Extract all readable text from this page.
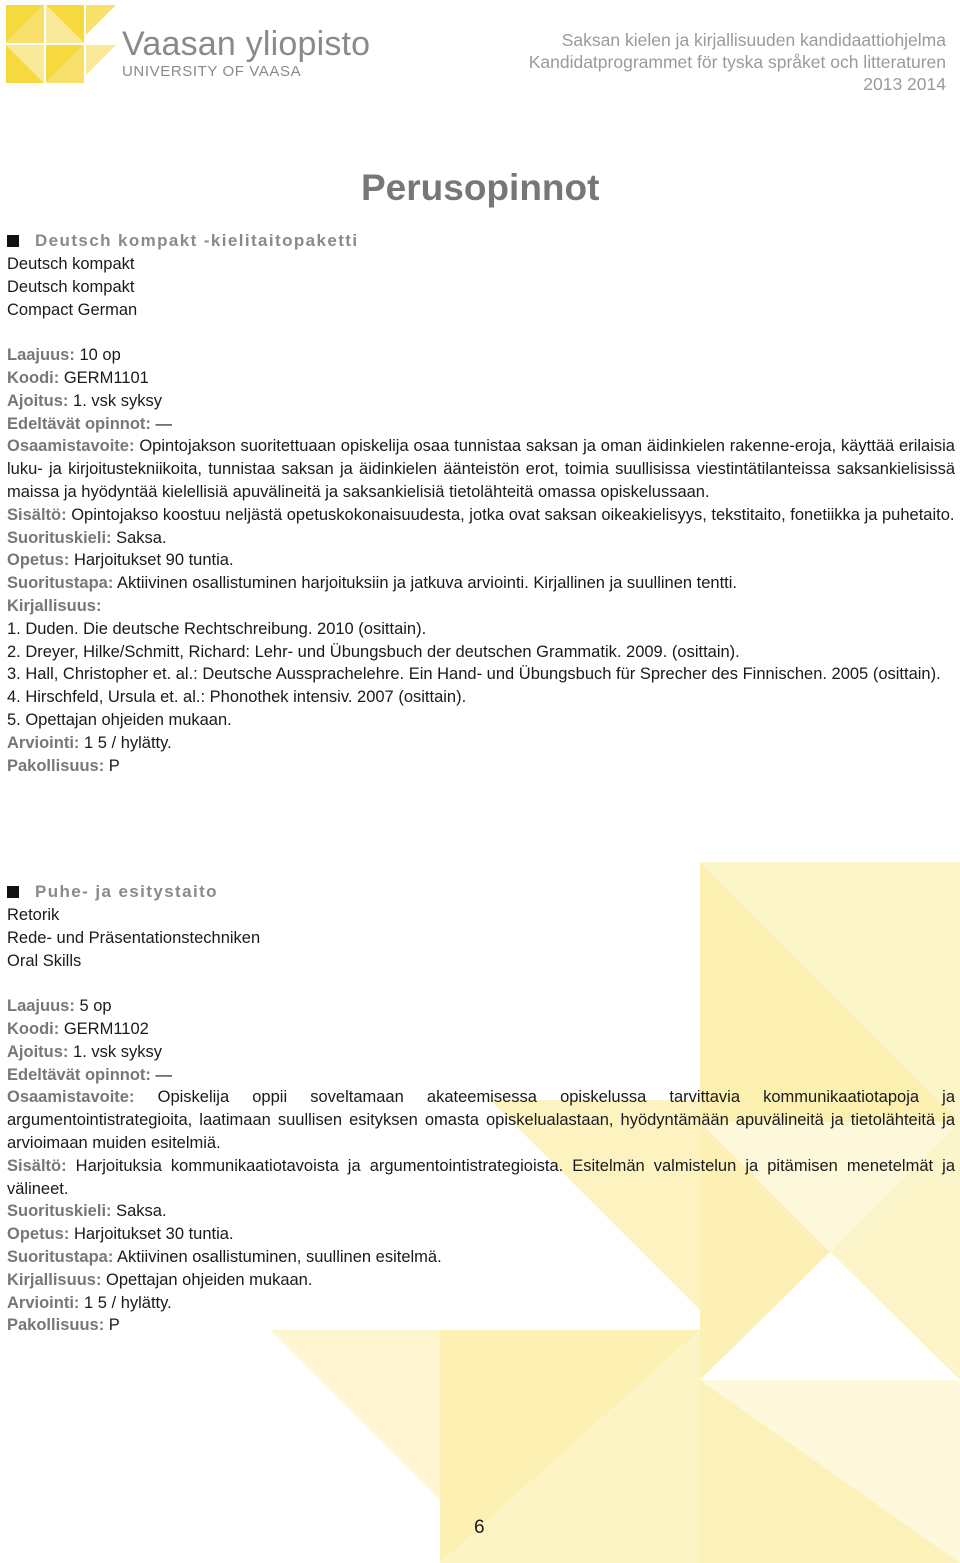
Vaasan yliopisto
UNIVERSITY OF VAASA
Saksan kielen ja kirjallisuuden kandidaattiohjelma
Kandidatprogrammet för tyska språket och litteraturen
2013 2014
Perusopinnot
Deutsch kompakt -kielitaitopaketti
Deutsch kompakt
Deutsch kompakt
Compact German
Laajuus: 10 op
Koodi: GERM1101
Ajoitus: 1. vsk syksy
Edeltävät opinnot: —
Osaamistavoite: Opintojakson suoritettuaan opiskelija osaa tunnistaa saksan ja oman äidinkielen rakenne-eroja, käyttää erilaisia luku- ja kirjoitustekniikoita, tunnistaa saksan ja äidinkielen äänteistön erot, toimia suullisissa viestintätilanteissa saksankielisissä maissa ja hyödyntää kielellisiä apuvälineitä ja saksankielisiä tietolähteitä omassa opiskelussaan.
Sisältö: Opintojakso koostuu neljästä opetuskokonaisuudesta, jotka ovat saksan oikeakielisyys, tekstitaito, fonetiikka ja puhetaito.
Suorituskieli: Saksa.
Opetus: Harjoitukset 90 tuntia.
Suoritustapa: Aktiivinen osallistuminen harjoituksiin ja jatkuva arviointi. Kirjallinen ja suullinen tentti.
Kirjallisuus:
1. Duden. Die deutsche Rechtschreibung. 2010 (osittain).
2. Dreyer, Hilke/Schmitt, Richard: Lehr- und Übungsbuch der deutschen Grammatik. 2009. (osittain).
3. Hall, Christopher et. al.: Deutsche Aussprachelehre. Ein Hand- und Übungsbuch für Sprecher des Finnischen. 2005 (osittain).
4. Hirschfeld, Ursula et. al.: Phonothek intensiv. 2007 (osittain).
5. Opettajan ohjeiden mukaan.
Arviointi: 1 5 / hylätty.
Pakollisuus: P
Puhe- ja esitystaito
Retorik
Rede- und Präsentationstechniken
Oral Skills
Laajuus: 5 op
Koodi: GERM1102
Ajoitus: 1. vsk syksy
Edeltävät opinnot: —
Osaamistavoite: Opiskelija oppii soveltamaan akateemisessa opiskelussa tarvittavia kommunikaatiotapoja ja argumentointistrategioita, laatimaan suullisen esityksen omasta opiskelualastaan, hyödyntämään apuvälineitä ja tietolähteitä ja arvioimaan muiden esitelmiä.
Sisältö: Harjoituksia kommunikaatiotavoista ja argumentointistrategioista. Esitelmän valmistelun ja pitämisen menetelmät ja välineet.
Suorituskieli: Saksa.
Opetus: Harjoitukset 30 tuntia.
Suoritustapa: Aktiivinen osallistuminen, suullinen esitelmä.
Kirjallisuus: Opettajan ohjeiden mukaan.
Arviointi: 1 5 / hylätty.
Pakollisuus: P
6
